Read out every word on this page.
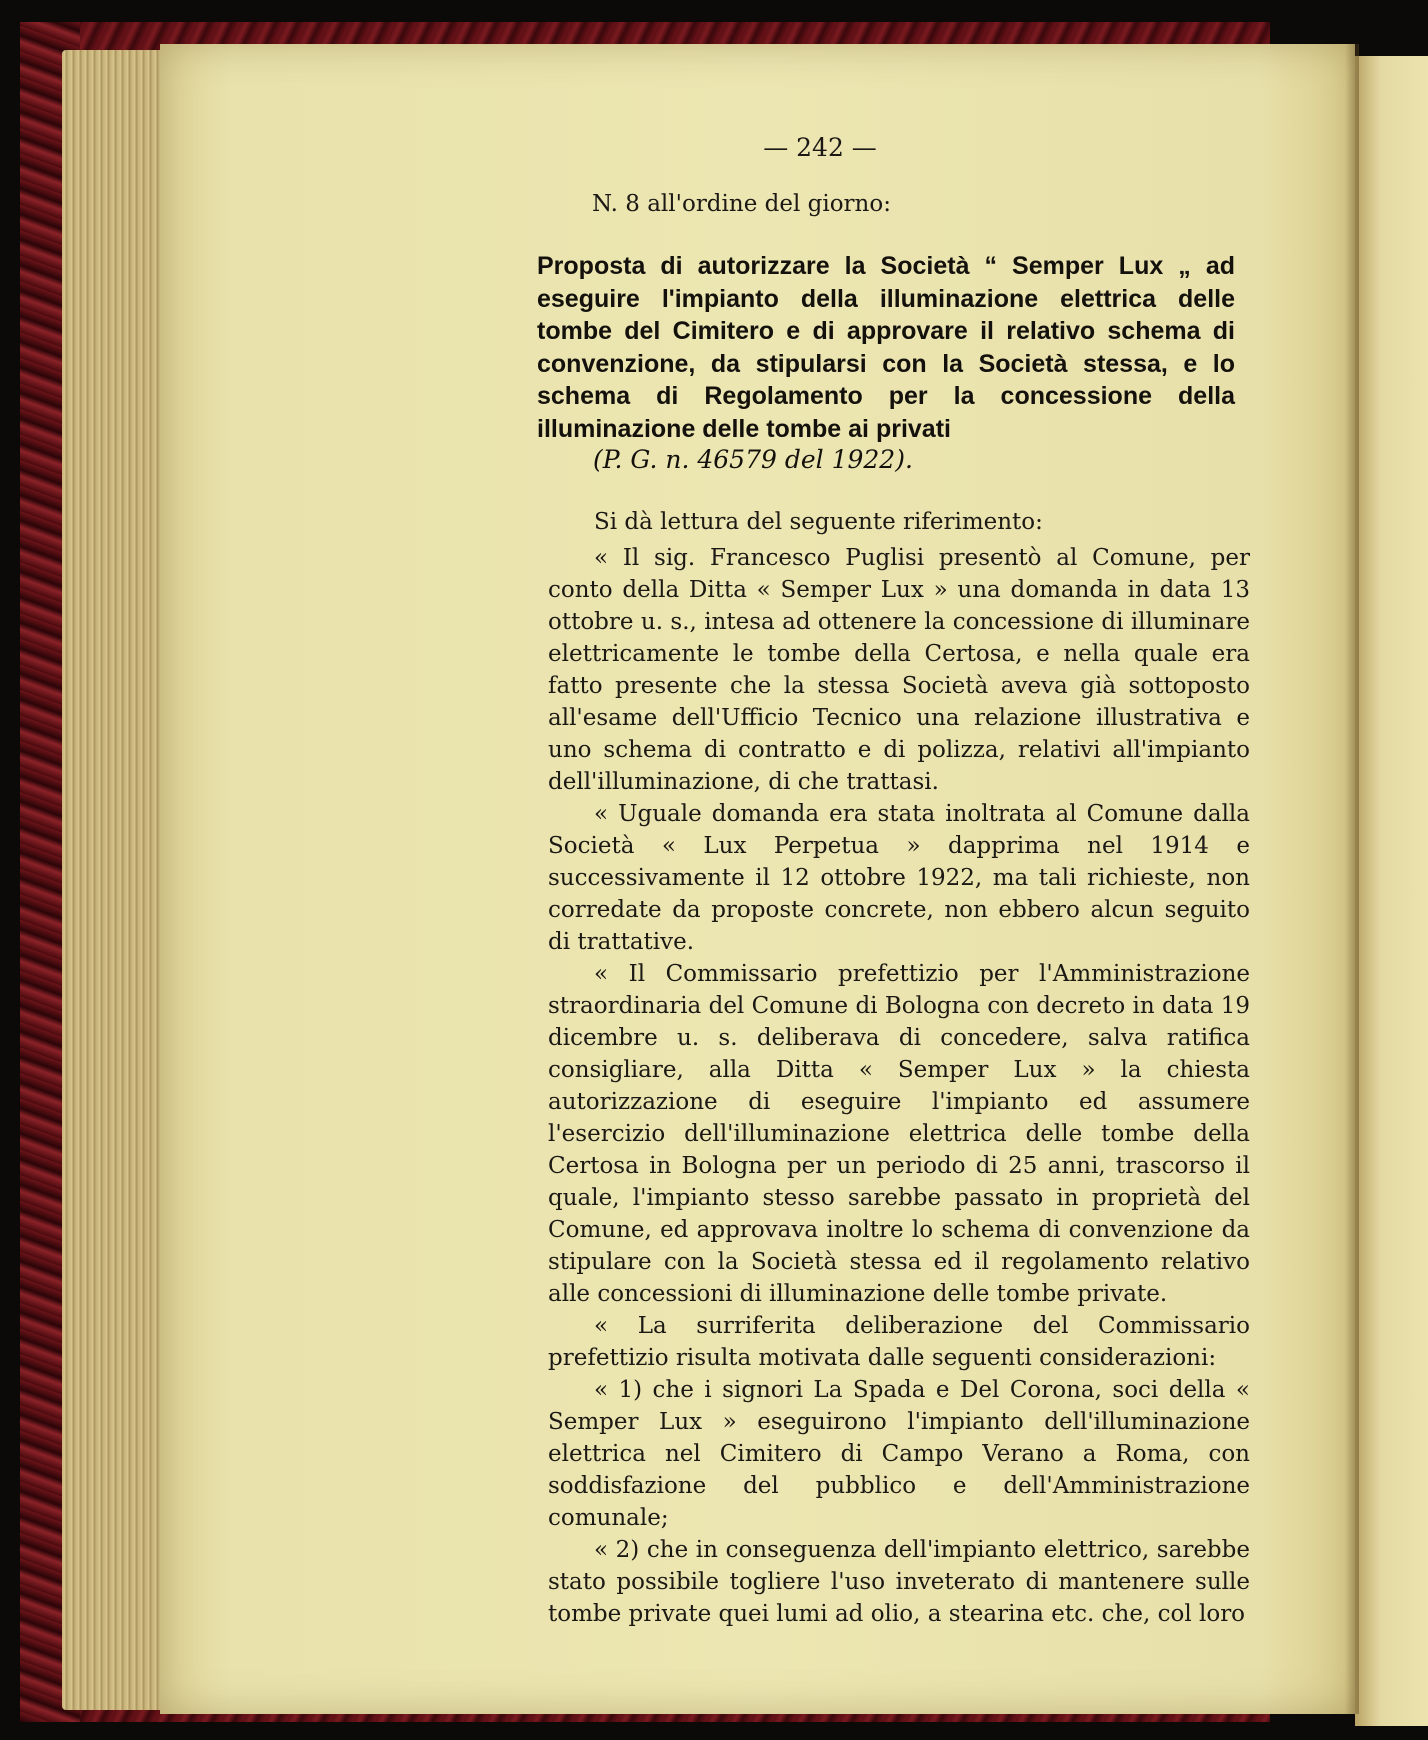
— 242 —
N. 8 all'ordine del giorno:
Proposta di autorizzare la Società “ Semper Lux „ ad eseguire l'impianto della illuminazione elettrica delle tombe del Cimitero e di approvare il relativo schema di convenzione, da stipularsi con la Società stessa, e lo schema di Regolamento per la concessione della illuminazione delle tombe ai privati
(P. G. n. 46579 del 1922).

Si dà lettura del seguente riferimento:

« Il sig. Francesco Puglisi presentò al Comune, per conto della Ditta « Semper Lux » una domanda in data 13 ottobre u. s., intesa ad ottenere la concessione di illuminare elettricamente le tombe della Certosa, e nella quale era fatto presente che la stessa Società aveva già sottoposto all'esame dell'Ufficio Tecnico una relazione illustrativa e uno schema di contratto e di polizza, relativi all'impianto dell'illuminazione, di che trattasi.

« Uguale domanda era stata inoltrata al Comune dalla Società « Lux Perpetua » dapprima nel 1914 e successivamente il 12 ottobre 1922, ma tali richieste, non corredate da proposte concrete, non ebbero alcun seguito di trattative.

« Il Commissario prefettizio per l'Amministrazione straordinaria del Comune di Bologna con decreto in data 19 dicembre u. s. deliberava di concedere, salva ratifica consigliare, alla Ditta « Semper Lux » la chiesta autorizzazione di eseguire l'impianto ed assumere l'esercizio dell'illuminazione elettrica delle tombe della Certosa in Bologna per un periodo di 25 anni, trascorso il quale, l'impianto stesso sarebbe passato in proprietà del Comune, ed approvava inoltre lo schema di convenzione da stipulare con la Società stessa ed il regolamento relativo alle concessioni di illuminazione delle tombe private.

« La surriferita deliberazione del Commissario prefettizio risulta motivata dalle seguenti considerazioni:

« 1) che i signori La Spada e Del Corona, soci della « Semper Lux » eseguirono l'impianto dell'illuminazione elettrica nel Cimitero di Campo Verano a Roma, con soddisfazione del pubblico e dell'Amministrazione comunale;

« 2) che in conseguenza dell'impianto elettrico, sarebbe stato possibile togliere l'uso inveterato di mantenere sulle tombe private quei lumi ad olio, a stearina etc. che, col loro
